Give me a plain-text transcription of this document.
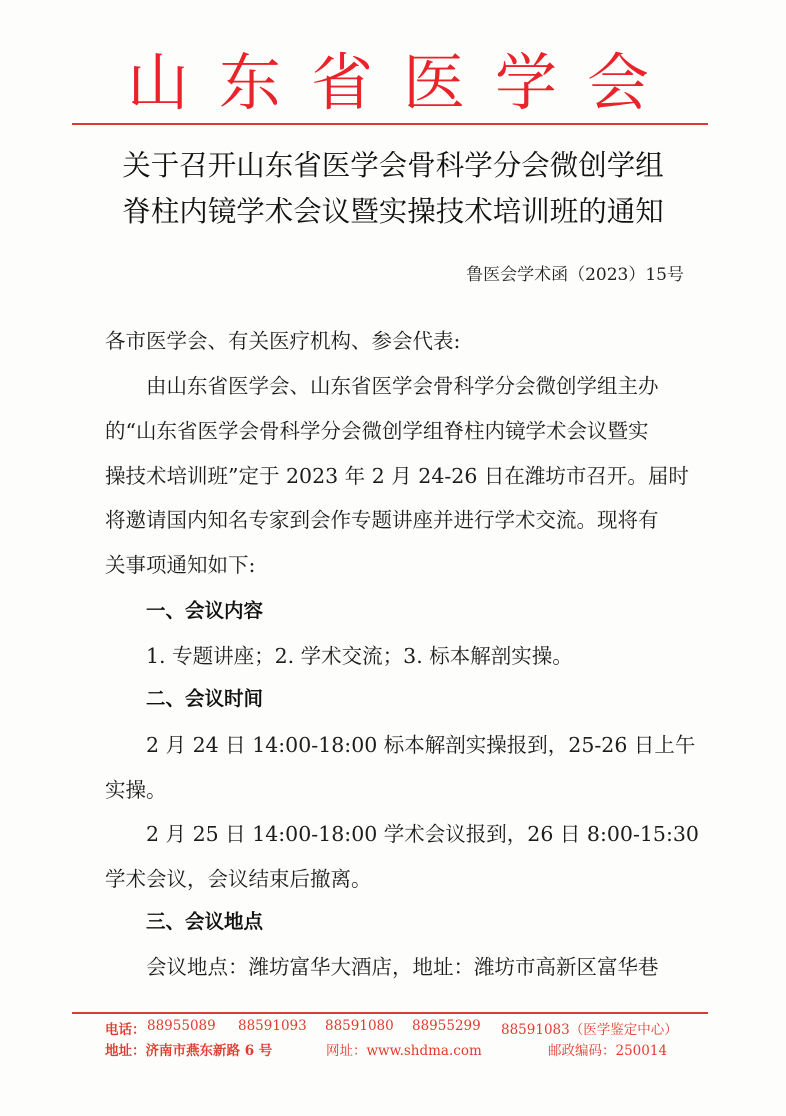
山东省医学会
关于召开山东省医学会骨科学分会微创学组
脊柱内镜学术会议暨实操技术培训班的通知
鲁医会学术函（2023）15号
各市医学会、有关医疗机构、参会代表:
由山东省医学会、山东省医学会骨科学分会微创学组主办
的“山东省医学会骨科学分会微创学组脊柱内镜学术会议暨实
操技术培训班”定于 2023 年 2 月 24-26 日在潍坊市召开。届时
将邀请国内知名专家到会作专题讲座并进行学术交流。现将有
关事项通知如下:
一、会议内容
1. 专题讲座；2. 学术交流；3. 标本解剖实操。
二、会议时间
2 月 24 日 14:00-18:00 标本解剖实操报到，25-26 日上午
实操。
2 月 25 日 14:00-18:00 学术会议报到，26 日 8:00-15:30
学术会议，会议结束后撤离。
三、会议地点
会议地点：潍坊富华大酒店，地址：潍坊市高新区富华巷
电话： 88955089 88591093 88591080 88955299 88591083（医学鉴定中心）
地址：济南市燕东新路 6 号	网址：www.shdma.com	邮政编码：250014
